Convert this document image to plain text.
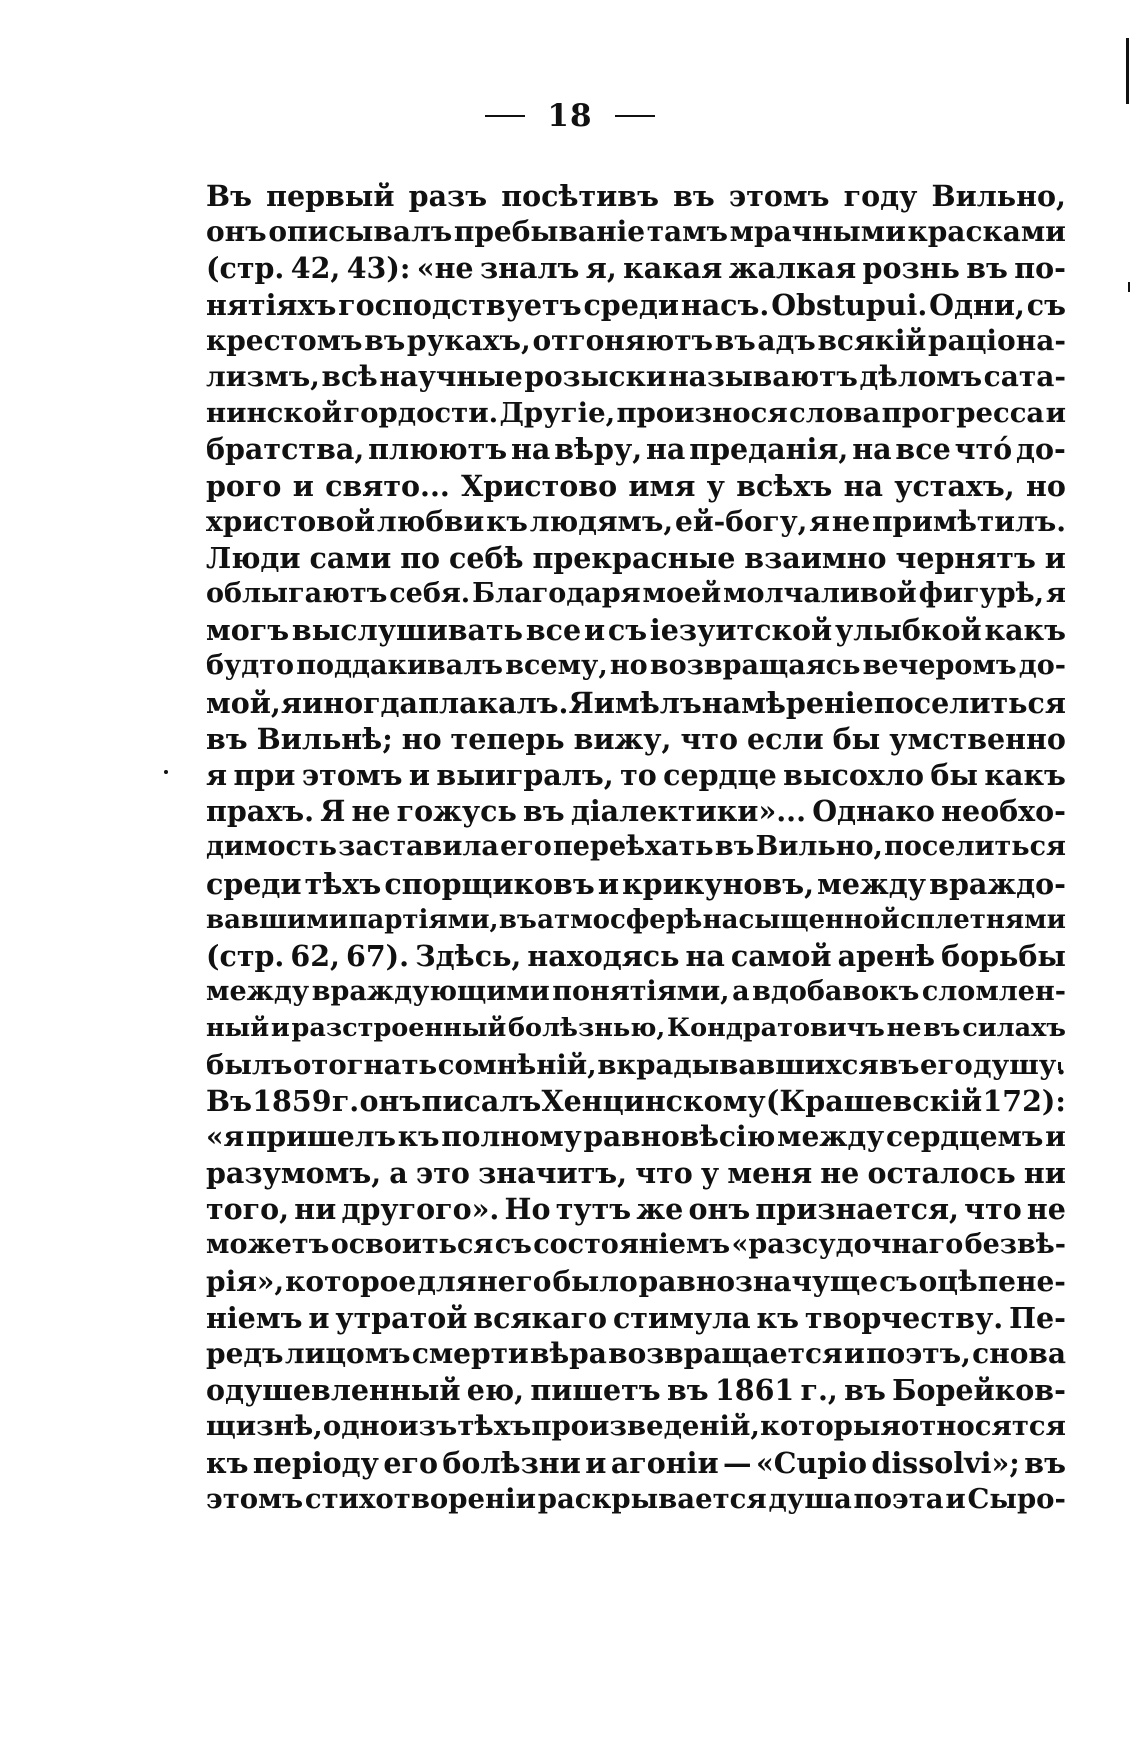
18
Въ первый разъ посѣтивъ въ этомъ году Вильно,
онъ описывалъ пребываніе тамъ мрачными красками
(стр. 42, 43): «не зналъ я, какая жалкая рознь въ по-
нятіяхъ господствуетъ среди насъ. Obstupui. Одни, съ
крестомъ въ рукахъ, отгоняютъ въ адъ всякій раціона-
лизмъ, всѣ научные розыски называютъ дѣломъ сата-
нинской гордости. Другіе, произнося слова прогресса и
братства, плюютъ на вѣру, на преданія, на все что́ до-
рого и свято... Христово имя у всѣхъ на устахъ, но
христовой любви къ людямъ, ей-богу, я не примѣтилъ.
Люди сами по себѣ прекрасные взаимно чернятъ и
облыгаютъ себя. Благодаря моей молчаливой фигурѣ, я
могъ выслушивать все и съ іезуитской улыбкой какъ
будто поддакивалъ всему, но возвращаясь вечеромъ до-
мой, я иногда плакалъ. Я имѣлъ намѣреніе поселиться
въ Вильнѣ; но теперь вижу, что если бы умственно
я при этомъ и выигралъ, то сердце высохло бы какъ
прахъ. Я не гожусь въ діалектики»... Однако необхо-
димость заставила его переѣхать въ Вильно, поселиться
среди тѣхъ спорщиковъ и крикуновъ, между враждо-
вавшими партіями, въ атмосферѣ насыщенной сплетнями
(стр. 62, 67). Здѣсь, находясь на самой аренѣ борьбы
между враждующими понятіями, а вдобавокъ сломлен-
ный и разстроенный болѣзнью, Кондратовичъ не въ силахъ
былъ отогнать сомнѣній, вкрадывавшихся въ его душу.
Въ 1859 г. онъ писалъ Хенцинскому (Крашевскій 172):
«я пришелъ къ полному равновѣсію между сердцемъ и
разумомъ, а это значитъ, что у меня не осталось ни
того, ни другого». Но тутъ же онъ признается, что не
можетъ освоиться съ состояніемъ «разсудочнаго безвѣ-
рія», которое для него было равнозначуще съ оцѣпене-
ніемъ и утратой всякаго стимула къ творчеству. Пе-
редъ лицомъ смерти вѣра возвращается и поэтъ, снова
одушевленный ею, пишетъ въ 1861 г., въ Борейков-
щизнѣ, одно изъ тѣхъ произведеній, которыя относятся
къ періоду его болѣзни и агоніи — «Cupio dissolvi»; въ
этомъ стихотвореніи раскрывается душа поэта и Сыро-
